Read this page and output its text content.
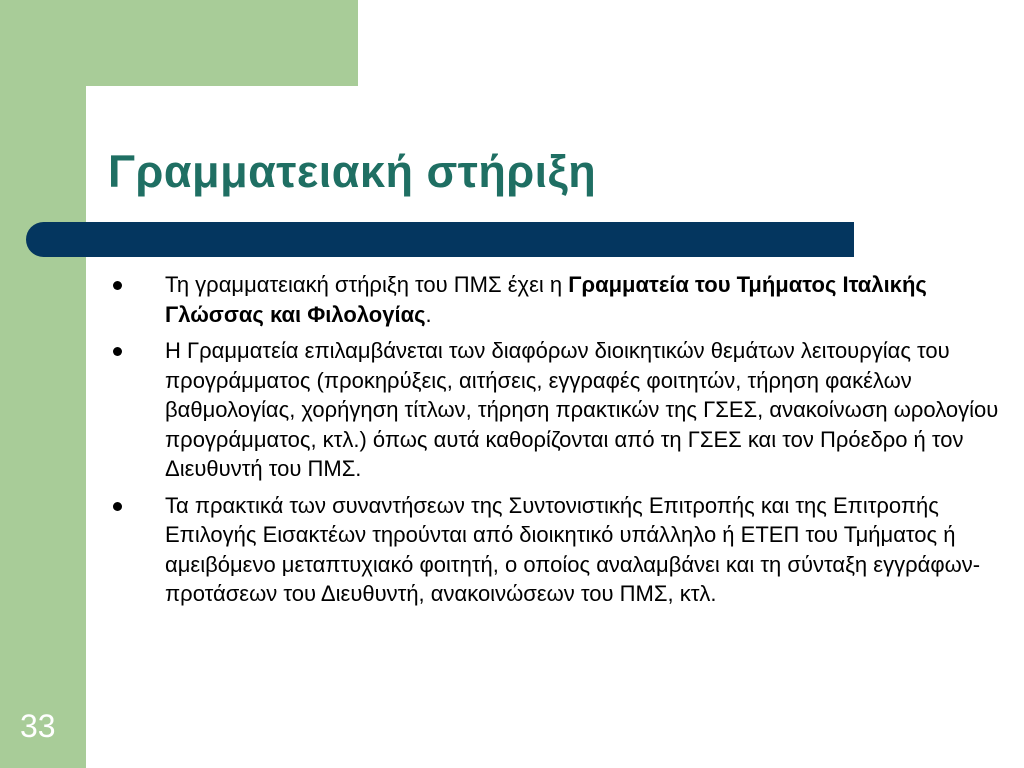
Γραμματειακή στήριξη
Τη γραμματειακή στήριξη του ΠΜΣ έχει η Γραμματεία του Τμήματος Ιταλικής Γλώσσας και Φιλολογίας.
Η Γραμματεία επιλαμβάνεται των διαφόρων διοικητικών θεμάτων λειτουργίας του προγράμματος (προκηρύξεις, αιτήσεις, εγγραφές φοιτητών, τήρηση φακέλων βαθμολογίας, χορήγηση τίτλων, τήρηση πρακτικών της ΓΣΕΣ, ανακοίνωση ωρολογίου προγράμματος, κτλ.) όπως αυτά καθορίζονται από τη ΓΣΕΣ και τον Πρόεδρο ή τον Διευθυντή του ΠΜΣ.
Τα πρακτικά των συναντήσεων της Συντονιστικής Επιτροπής και της Επιτροπής Επιλογής Εισακτέων τηρούνται από διοικητικό υπάλληλο ή ΕΤΕΠ του Τμήματος ή αμειβόμενο μεταπτυχιακό φοιτητή, ο οποίος αναλαμβάνει και τη σύνταξη εγγράφων-προτάσεων του Διευθυντή, ανακοινώσεων του ΠΜΣ, κτλ.
33
